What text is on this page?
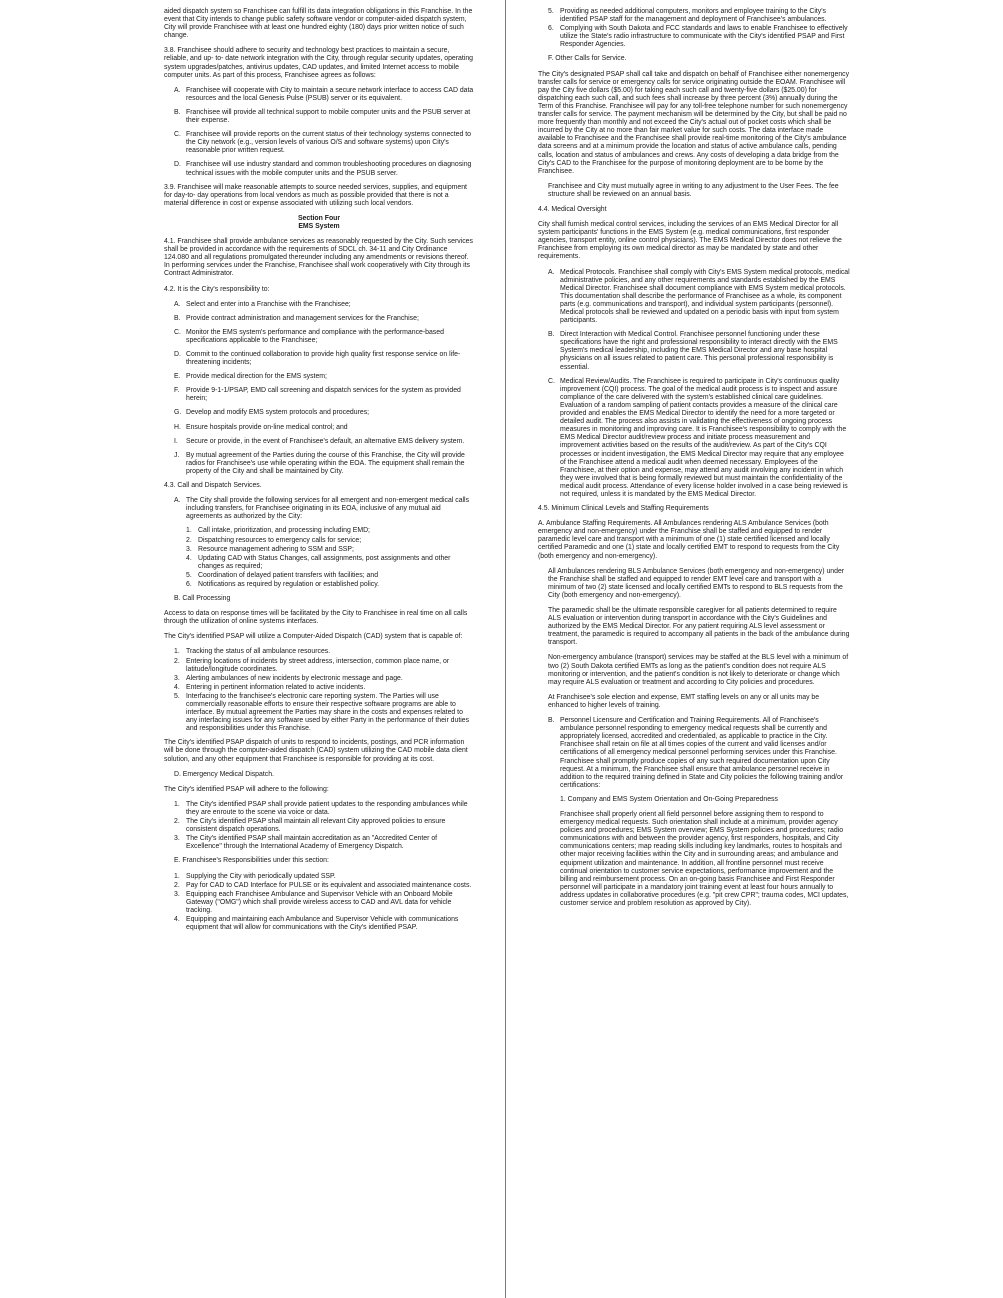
aided dispatch system so Franchisee can fulfill its data integration obligations in this Franchise. In the event that City intends to change public safety software vendor or computer-aided dispatch system, City will provide Franchisee with at least one hundred eighty (180) days prior written notice of such change.

3.8. Franchisee should adhere to security and technology best practices to maintain a secure, reliable, and up- to- date network integration with the City, through regular security updates, operating system upgrades/patches, antivirus updates, CAD updates, and limited Internet access to mobile computer units. As part of this process, Franchisee agrees as follows:

A. Franchisee will cooperate with City to maintain a secure network interface to access CAD data resources and the local Genesis Pulse (PSUB) server or its equivalent.
B. Franchisee will provide all technical support to mobile computer units and the PSUB server at their expense.
C. Franchisee will provide reports on the current status of their technology systems connected to the City network (e.g., version levels of various O/S and software systems) upon City's reasonable prior written request.
D. Franchisee will use industry standard and common troubleshooting procedures on diagnosing technical issues with the mobile computer units and the PSUB server.

3.9. Franchisee will make reasonable attempts to source needed services, supplies, and equipment for day-to- day operations from local vendors as much as possible provided that there is not a material difference in cost or expense associated with utilizing such local vendors.

Section Four
EMS System

4.1. Franchisee shall provide ambulance services as reasonably requested by the City. Such services shall be provided in accordance with the requirements of SDCL ch. 34-11 and City Ordinance 124.080 and all regulations promulgated thereunder including any amendments or revisions thereof. In performing services under the Franchise, Franchisee shall work cooperatively with City through its Contract Administrator.

4.2. It is the City's responsibility to:

A. Select and enter into a Franchise with the Franchisee;
B. Provide contract administration and management services for the Franchise;
C. Monitor the EMS system's performance and compliance with the performance-based specifications applicable to the Franchisee;
D. Commit to the continued collaboration to provide high quality first response service on life-threatening incidents;
E. Provide medical direction for the EMS system;
F. Provide 9-1-1/PSAP, EMD call screening and dispatch services for the system as provided herein;
G. Develop and modify EMS system protocols and procedures;
H. Ensure hospitals provide on-line medical control; and
I.	Secure or provide, in the event of Franchisee's default, an alternative EMS delivery system.
J. By mutual agreement of the Parties during the course of this Franchise, the City will provide radios for Franchisee's use while operating within the EOA. The equipment shall remain the property of the City and shall be maintained by City.

4.3. Call and Dispatch Services.

A. The City shall provide the following services for all emergent and non-emergent medical calls including transfers, for Franchisee originating in its EOA, inclusive of any mutual aid agreements as authorized by the City:
1. Call intake, prioritization, and processing including EMD;
2. Dispatching resources to emergency calls for service;
3. Resource management adhering to SSM and SSP;
4. Updating CAD with Status Changes, call assignments, post assignments and other changes as required;
5. Coordination of delayed patient transfers with facilities; and
6. Notifications as required by regulation or established policy.

B. Call Processing

Access to data on response times will be facilitated by the City to Franchisee in real time on all calls through the utilization of online systems interfaces.

The City's identified PSAP will utilize a Computer-Aided Dispatch (CAD) system that is capable of:

1. Tracking the status of all ambulance resources.
2. Entering locations of incidents by street address, intersection, common place name, or latitude/longitude coordinates.
3. Alerting ambulances of new incidents by electronic message and page.
4. Entering in pertinent information related to active incidents.
5. Interfacing to the franchisee's electronic care reporting system. The Parties will use commercially reasonable efforts to ensure their respective software programs are able to interface. By mutual agreement the Parties may share in the costs and expenses related to any interfacing issues for any software used by either Party in the performance of their duties and responsibilities under this Franchise.

The City's identified PSAP dispatch of units to respond to incidents, postings, and PCR information will be done through the computer-aided dispatch (CAD) system utilizing the CAD mobile data client solution, and any other equipment that Franchisee is responsible for providing at its cost.

D. Emergency Medical Dispatch.

The City's identified PSAP will adhere to the following:

1. The City's identified PSAP shall provide patient updates to the responding ambulances while they are enroute to the scene via voice or data.
2. The City's identified PSAP shall maintain all relevant City approved policies to ensure consistent dispatch operations.
3. The City's identified PSAP shall maintain accreditation as an "Accredited Center of Excellence" through the International Academy of Emergency Dispatch.

E. Franchisee's Responsibilities under this section:

1. Supplying the City with periodically updated SSP.
2. Pay for CAD to CAD Interface for PULSE or its equivalent and associated maintenance costs.
3. Equipping each Franchisee Ambulance and Supervisor Vehicle with an Onboard Mobile Gateway ("OMG") which shall provide wireless access to CAD and AVL data for vehicle tracking.
4. Equipping and maintaining each Ambulance and Supervisor Vehicle with communications equipment that will allow for communications with the City's identified PSAP.
5. Providing as needed additional computers, monitors and employee training to the City's identified PSAP staff for the management and deployment of Franchisee's ambulances.
6. Complying with South Dakota and FCC standards and laws to enable Franchisee to effectively utilize the State's radio infrastructure to communicate with the City's identified PSAP and First Responder Agencies.

F. Other Calls for Service.

The City's designated PSAP shall call take and dispatch on behalf of Franchisee either nonemergency transfer calls for service or emergency calls for service originating outside the EOAM. Franchisee will pay the City five dollars ($5.00) for taking each such call and twenty-five dollars ($25.00) for dispatching each such call, and such fees shall increase by three percent (3%) annually during the Term of this Franchise. Franchisee will pay for any toll-free telephone number for such nonemergency transfer calls for service. The payment mechanism will be determined by the City, but shall be paid no more frequently than monthly and not exceed the City's actual out of pocket costs which shall be incurred by the City at no more than fair market value for such costs. The data interface made available to Franchisee and the Franchisee shall provide real-time monitoring of the City's ambulance data screens and at a minimum provide the location and status of active ambulance calls, pending calls, location and status of ambulances and crews. Any costs of developing a data bridge from the City's CAD to the Franchisee for the purpose of monitoring deployment are to be borne by the Franchisee.

Franchisee and City must mutually agree in writing to any adjustment to the User Fees. The fee structure shall be reviewed on an annual basis.

4.4. Medical Oversight

City shall furnish medical control services, including the services of an EMS Medical Director for all system participants' functions in the EMS System (e.g. medical communications, first responder agencies, transport entity, online control physicians). The EMS Medical Director does not relieve the Franchisee from employing its own medical director as may be mandated by state and other requirements.

A. Medical Protocols. Franchisee shall comply with City's EMS System medical protocols, medical administrative policies, and any other requirements and standards established by the EMS Medical Director. Franchisee shall document compliance with EMS System medical protocols. This documentation shall describe the performance of Franchisee as a whole, its component parts (e.g. communications and transport), and individual system participants (personnel). Medical protocols shall be reviewed and updated on a periodic basis with input from system participants.
B. Direct Interaction with Medical Control. Franchisee personnel functioning under these specifications have the right and professional responsibility to interact directly with the EMS System's medical leadership, including the EMS Medical Director and any base hospital physicians on all issues related to patient care. This personal professional responsibility is essential.
C. Medical Review/Audits. The Franchisee is required to participate in City's continuous quality improvement (CQI) process. The goal of the medical audit process is to inspect and assure compliance of the care delivered with the system's established clinical care guidelines. Evaluation of a random sampling of patient contacts provides a measure of the clinical care provided and enables the EMS Medical Director to identify the need for a more targeted or detailed audit. The process also assists in validating the effectiveness of ongoing process measures in monitoring and improving care. It is Franchisee's responsibility to comply with the EMS Medical Director audit/review process and initiate process measurement and improvement activities based on the results of the audit/review. As part of the City's CQI processes or incident investigation, the EMS Medical Director may require that any employee of the Franchisee attend a medical audit when deemed necessary. Employees of the Franchisee, at their option and expense, may attend any audit involving any incident in which they were involved that is being formally reviewed but must maintain the confidentiality of the medical audit process. Attendance of every license holder involved in a case being reviewed is not required, unless it is mandated by the EMS Medical Director.

4.5. Minimum Clinical Levels and Staffing Requirements

A. Ambulance Staffing Requirements. All Ambulances rendering ALS Ambulance Services (both emergency and non-emergency) under the Franchise shall be staffed and equipped to render paramedic level care and transport with a minimum of one (1) state certified licensed and locally certified Paramedic and one (1) state and locally certified EMT to respond to requests from the City (both emergency and non-emergency).

All Ambulances rendering BLS Ambulance Services (both emergency and non-emergency) under the Franchise shall be staffed and equipped to render EMT level care and transport with a minimum of two (2) state licensed and locally certified EMTs to respond to BLS requests from the City (both emergency and non-emergency).

The paramedic shall be the ultimate responsible caregiver for all patients determined to require ALS evaluation or intervention during transport in accordance with the City's Guidelines and authorized by the EMS Medical Director. For any patient requiring ALS level assessment or treatment, the paramedic is required to accompany all patients in the back of the ambulance during transport.

Non-emergency ambulance (transport) services may be staffed at the BLS level with a minimum of two (2) South Dakota certified EMTs as long as the patient's condition does not require ALS monitoring or intervention, and the patient's condition is not likely to deteriorate or change which may require ALS evaluation or treatment and according to City policies and procedures.

At Franchisee's sole election and expense, EMT staffing levels on any or all units may be enhanced to higher levels of training.

B. Personnel Licensure and Certification and Training Requirements. All of Franchisee's ambulance personnel responding to emergency medical requests shall be currently and appropriately licensed, accredited and credentialed, as applicable to practice in the City. Franchisee shall retain on file at all times copies of the current and valid licenses and/or certifications of all emergency medical personnel performing services under this Franchise. Franchisee shall promptly produce copies of any such required documentation upon City request. At a minimum, the Franchisee shall ensure that ambulance personnel receive in addition to the required training defined in State and City policies the following training and/or certifications:

1. Company and EMS System Orientation and On-Going Preparedness

Franchisee shall properly orient all field personnel before assigning them to respond to emergency medical requests. Such orientation shall include at a minimum, provider agency policies and procedures; EMS System overview; EMS System policies and procedures; radio communications with and between the provider agency, first responders, hospitals, and City communications centers; map reading skills including key landmarks, routes to hospitals and other major receiving facilities within the City and in surrounding areas; and ambulance and equipment utilization and maintenance. In addition, all frontline personnel must receive continual orientation to customer service expectations, performance improvement and the billing and reimbursement process. On an on-going basis Franchisee and First Responder personnel will participate in a mandatory joint training event at least four hours annually to address updates in collaborative procedures (e.g. "pit crew CPR"; trauma codes, MCI updates, customer service and problem resolution as approved by City).
